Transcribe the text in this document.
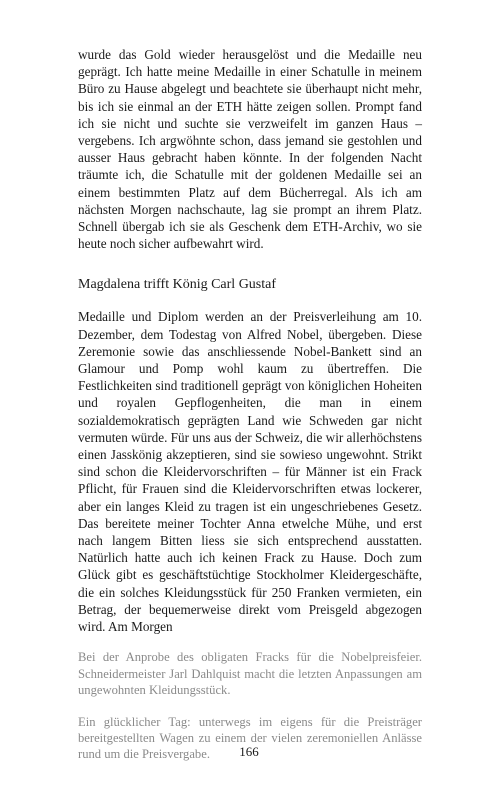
wurde das Gold wieder herausgelöst und die Medaille neu geprägt. Ich hatte meine Medaille in einer Schatulle in meinem Büro zu Hause abgelegt und beachtete sie überhaupt nicht mehr, bis ich sie einmal an der ETH hätte zeigen sollen. Prompt fand ich sie nicht und suchte sie verzweifelt im ganzen Haus – vergebens. Ich argwöhnte schon, dass jemand sie gestohlen und ausser Haus gebracht haben könnte. In der folgenden Nacht träumte ich, die Schatulle mit der goldenen Medaille sei an einem bestimmten Platz auf dem Bücherregal. Als ich am nächsten Morgen nachschaute, lag sie prompt an ihrem Platz. Schnell übergab ich sie als Geschenk dem ETH-Archiv, wo sie heute noch sicher aufbewahrt wird.

Magdalena trifft König Carl Gustaf

Medaille und Diplom werden an der Preisverleihung am 10. Dezember, dem Todestag von Alfred Nobel, übergeben. Diese Zeremonie sowie das anschliessende Nobel-Bankett sind an Glamour und Pomp wohl kaum zu übertreffen. Die Festlichkeiten sind traditionell geprägt von königlichen Hoheiten und royalen Gepflogenheiten, die man in einem sozialdemokratisch geprägten Land wie Schweden gar nicht vermuten würde. Für uns aus der Schweiz, die wir allerhöchstens einen Jasskönig akzeptieren, sind sie sowieso ungewohnt. Strikt sind schon die Kleidervorschriften – für Männer ist ein Frack Pflicht, für Frauen sind die Kleidervorschriften etwas lockerer, aber ein langes Kleid zu tragen ist ein ungeschriebenes Gesetz. Das bereitete meiner Tochter Anna etwelche Mühe, und erst nach langem Bitten liess sie sich entsprechend ausstatten. Natürlich hatte auch ich keinen Frack zu Hause. Doch zum Glück gibt es geschäftstüchtige Stockholmer Kleidergeschäfte, die ein solches Kleidungsstück für 250 Franken vermieten, ein Betrag, der bequemerweise direkt vom Preisgeld abgezogen wird. Am Morgen

Bei der Anprobe des obligaten Fracks für die Nobelpreisfeier. Schneidermeister Jarl Dahlquist macht die letzten Anpassungen am ungewohnten Kleidungsstück.

Ein glücklicher Tag: unterwegs im eigens für die Preisträger bereitgestellten Wagen zu einem der vielen zeremoniellen Anlässe rund um die Preisvergabe.	166
